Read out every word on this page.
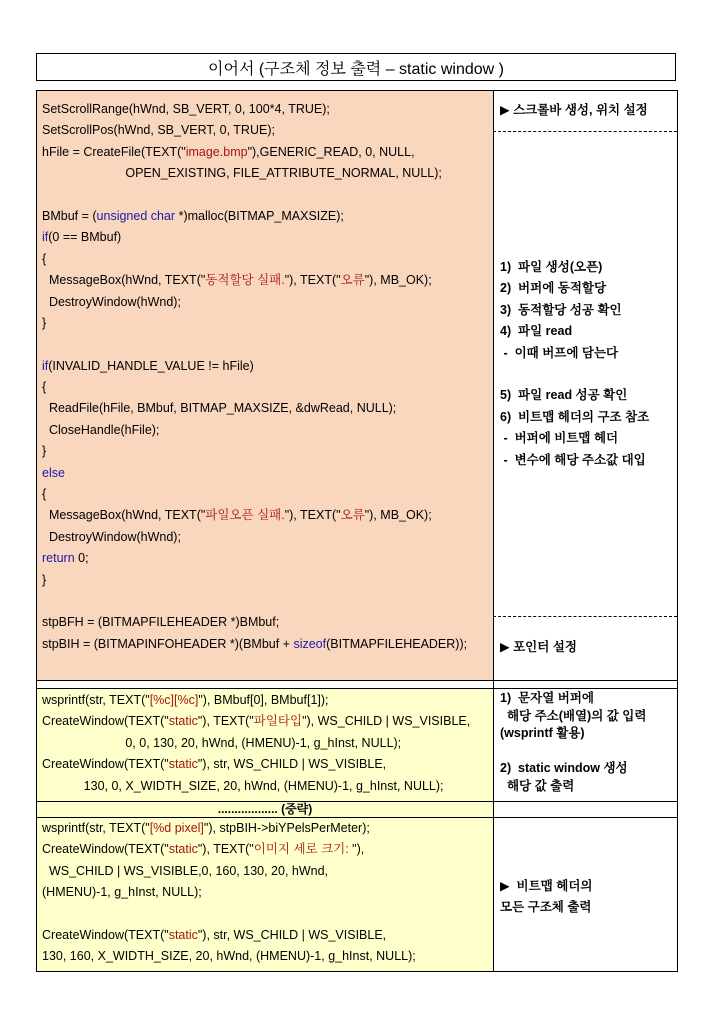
이어서 (구조체 정보 출력 – static window )
SetScrollRange(hWnd, SB_VERT, 0, 100*4, TRUE);
SetScrollPos(hWnd, SB_VERT, 0, TRUE);
hFile = CreateFile(TEXT("image.bmp"),GENERIC_READ, 0, NULL,
OPEN_EXISTING, FILE_ATTRIBUTE_NORMAL, NULL);

BMbuf = (unsigned char *)malloc(BITMAP_MAXSIZE);
if(0 == BMbuf)
{
MessageBox(hWnd, TEXT("동적할당 실패."), TEXT("오류"), MB_OK);
DestroyWindow(hWnd);
}

if(INVALID_HANDLE_VALUE != hFile)
{
ReadFile(hFile, BMbuf, BITMAP_MAXSIZE, &dwRead, NULL);
CloseHandle(hFile);
}
else
{
MessageBox(hWnd, TEXT("파일오픈 실패."), TEXT("오류"), MB_OK);
DestroyWindow(hWnd);
return 0;
}

stpBFH = (BITMAPFILEHEADER *)BMbuf;
stpBIH = (BITMAPINFOHEADER *)(BMbuf + sizeof(BITMAPFILEHEADER));
▶ 스크롤바 생성, 위치 설정
1)  파일 생성(오픈)
2)  버퍼에 동적할당
3)  동적할당 성공 확인
4)  파일 read
-  이때 버프에 담는다

5)  파일 read 성공 확인
6)  비트맵 헤더의 구조 참조
-  버퍼에 비트맵 헤더
-  변수에 해당 주소값 대입
▶ 포인터 설정
wsprintf(str, TEXT("[%c][%c]"), BMbuf[0], BMbuf[1]);
CreateWindow(TEXT("static"), TEXT("파일타입"), WS_CHILD | WS_VISIBLE,
0, 0, 130, 20, hWnd, (HMENU)-1, g_hInst, NULL);
CreateWindow(TEXT("static"), str, WS_CHILD | WS_VISIBLE,
130, 0, X_WIDTH_SIZE, 20, hWnd, (HMENU)-1, g_hInst, NULL);
1)  문자열 버퍼에
해당 주소(배열)의 값 입력
(wsprintf 활용)

2)  static window 생성
해당 값 출력
.................. (중략)
wsprintf(str, TEXT("[%d pixel]"), stpBIH->biYPelsPerMeter);
CreateWindow(TEXT("static"), TEXT("이미지 세로 크기: "),
WS_CHILD | WS_VISIBLE,0, 160, 130, 20, hWnd,
(HMENU)-1, g_hInst, NULL);

CreateWindow(TEXT("static"), str, WS_CHILD | WS_VISIBLE,
130, 160, X_WIDTH_SIZE, 20, hWnd, (HMENU)-1, g_hInst, NULL);
▶  비트맵 헤더의
모든 구조체 출력
